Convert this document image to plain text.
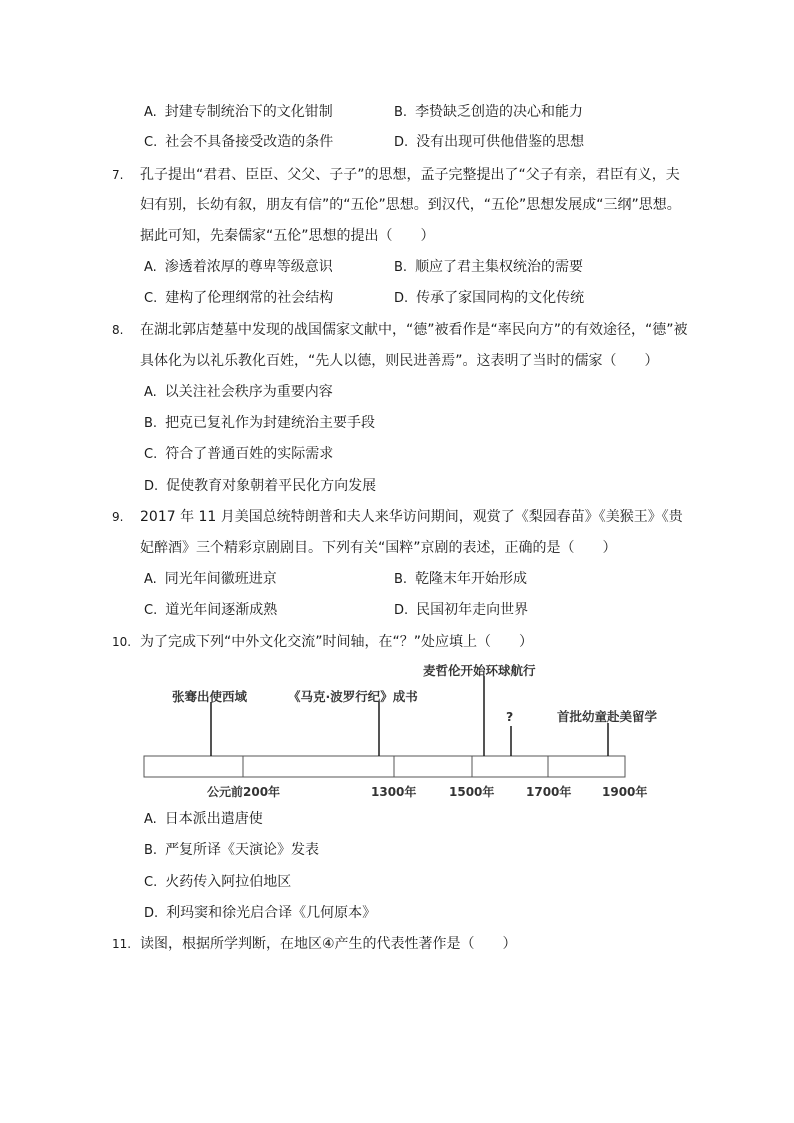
A. 封建专制统治下的文化钳制	B. 李贽缺乏创造的决心和能力
C. 社会不具备接受改造的条件	D. 没有出现可供他借鉴的思想
7. 孔子提出“君君、臣臣、父父、子子”的思想，孟子完整提出了“父子有亲，君臣有义，夫
妇有别，长幼有叙，朋友有信”的“五伦”思想。到汉代，“五伦”思想发展成“三纲”思想。
据此可知，先秦儒家“五伦”思想的提出（　　）
A. 渗透着浓厚的尊卑等级意识	B. 顺应了君主集权统治的需要
C. 建构了伦理纲常的社会结构	D. 传承了家国同构的文化传统
8. 在湖北郭店楚墓中发现的战国儒家文献中，“德”被看作是“率民向方”的有效途径，“德”被
具体化为以礼乐教化百姓，“先人以德，则民进善焉”。这表明了当时的儒家（　　）
A. 以关注社会秩序为重要内容
B. 把克已复礼作为封建统治主要手段
C. 符合了普通百姓的实际需求
D. 促使教育对象朝着平民化方向发展
9. 2017 年 11 月美国总统特朗普和夫人来华访问期间，观赏了《梨园春苗》《美猴王》《贵
妃醉酒》三个精彩京剧剧目。下列有关“国粹”京剧的表述，正确的是（　　）
A. 同光年间徽班进京	B. 乾隆末年开始形成
C. 道光年间逐渐成熟	D. 民国初年走向世界
10. 为了完成下列“中外文化交流”时间轴，在“？”处应填上（　　）
张骞出使西域	《马克·波罗行纪》成书
麦哲伦开始环球航行
?	首批幼童赴美留学
公元前200年	1300年	1500年	1700年	1900年
A. 日本派出遣唐使
B. 严复所译《天演论》发表
C. 火药传入阿拉伯地区
D. 利玛窦和徐光启合译《几何原本》
11. 读图，根据所学判断，在地区④产生的代表性著作是（　　）
